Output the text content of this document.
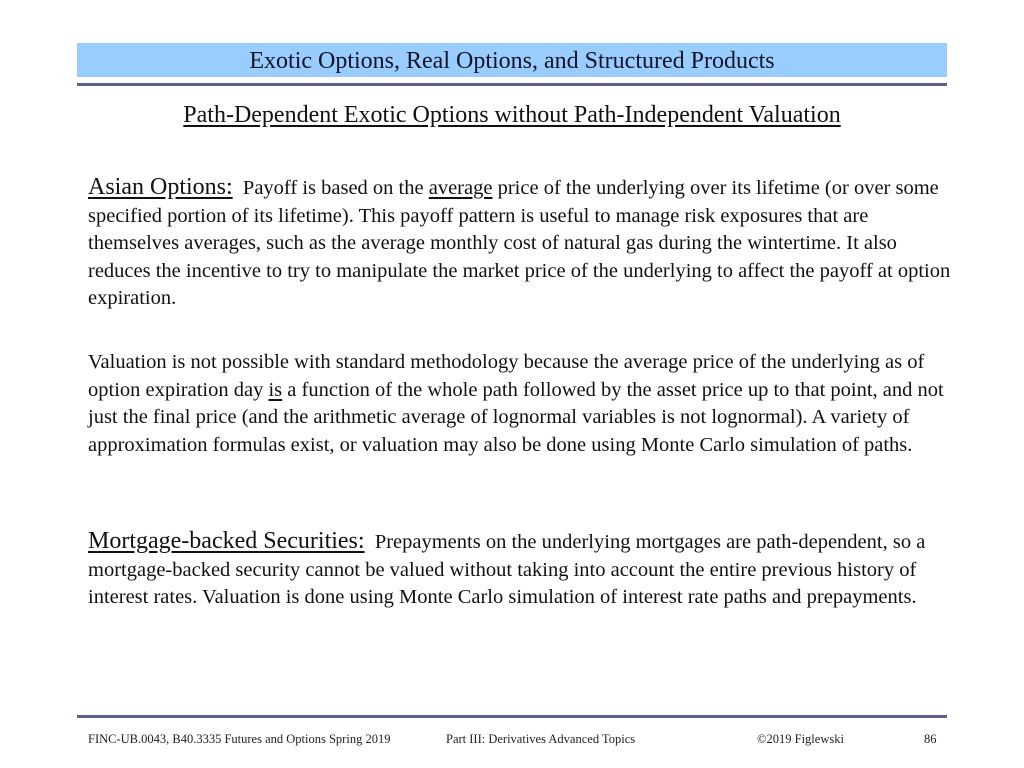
Exotic Options, Real Options, and Structured Products
Path-Dependent Exotic Options without Path-Independent Valuation
Asian Options: Payoff is based on the average price of the underlying over its lifetime (or over some specified portion of its lifetime). This payoff pattern is useful to manage risk exposures that are themselves averages, such as the average monthly cost of natural gas during the wintertime. It also reduces the incentive to try to manipulate the market price of the underlying to affect the payoff at option expiration.
Valuation is not possible with standard methodology because the average price of the underlying as of option expiration day is a function of the whole path followed by the asset price up to that point, and not just the final price (and the arithmetic average of lognormal variables is not lognormal). A variety of approximation formulas exist, or valuation may also be done using Monte Carlo simulation of paths.
Mortgage-backed Securities: Prepayments on the underlying mortgages are path-dependent, so a mortgage-backed security cannot be valued without taking into account the entire previous history of interest rates. Valuation is done using Monte Carlo simulation of interest rate paths and prepayments.
FINC-UB.0043, B40.3335 Futures and Options Spring 2019	Part III: Derivatives Advanced Topics	©2019 Figlewski	86
